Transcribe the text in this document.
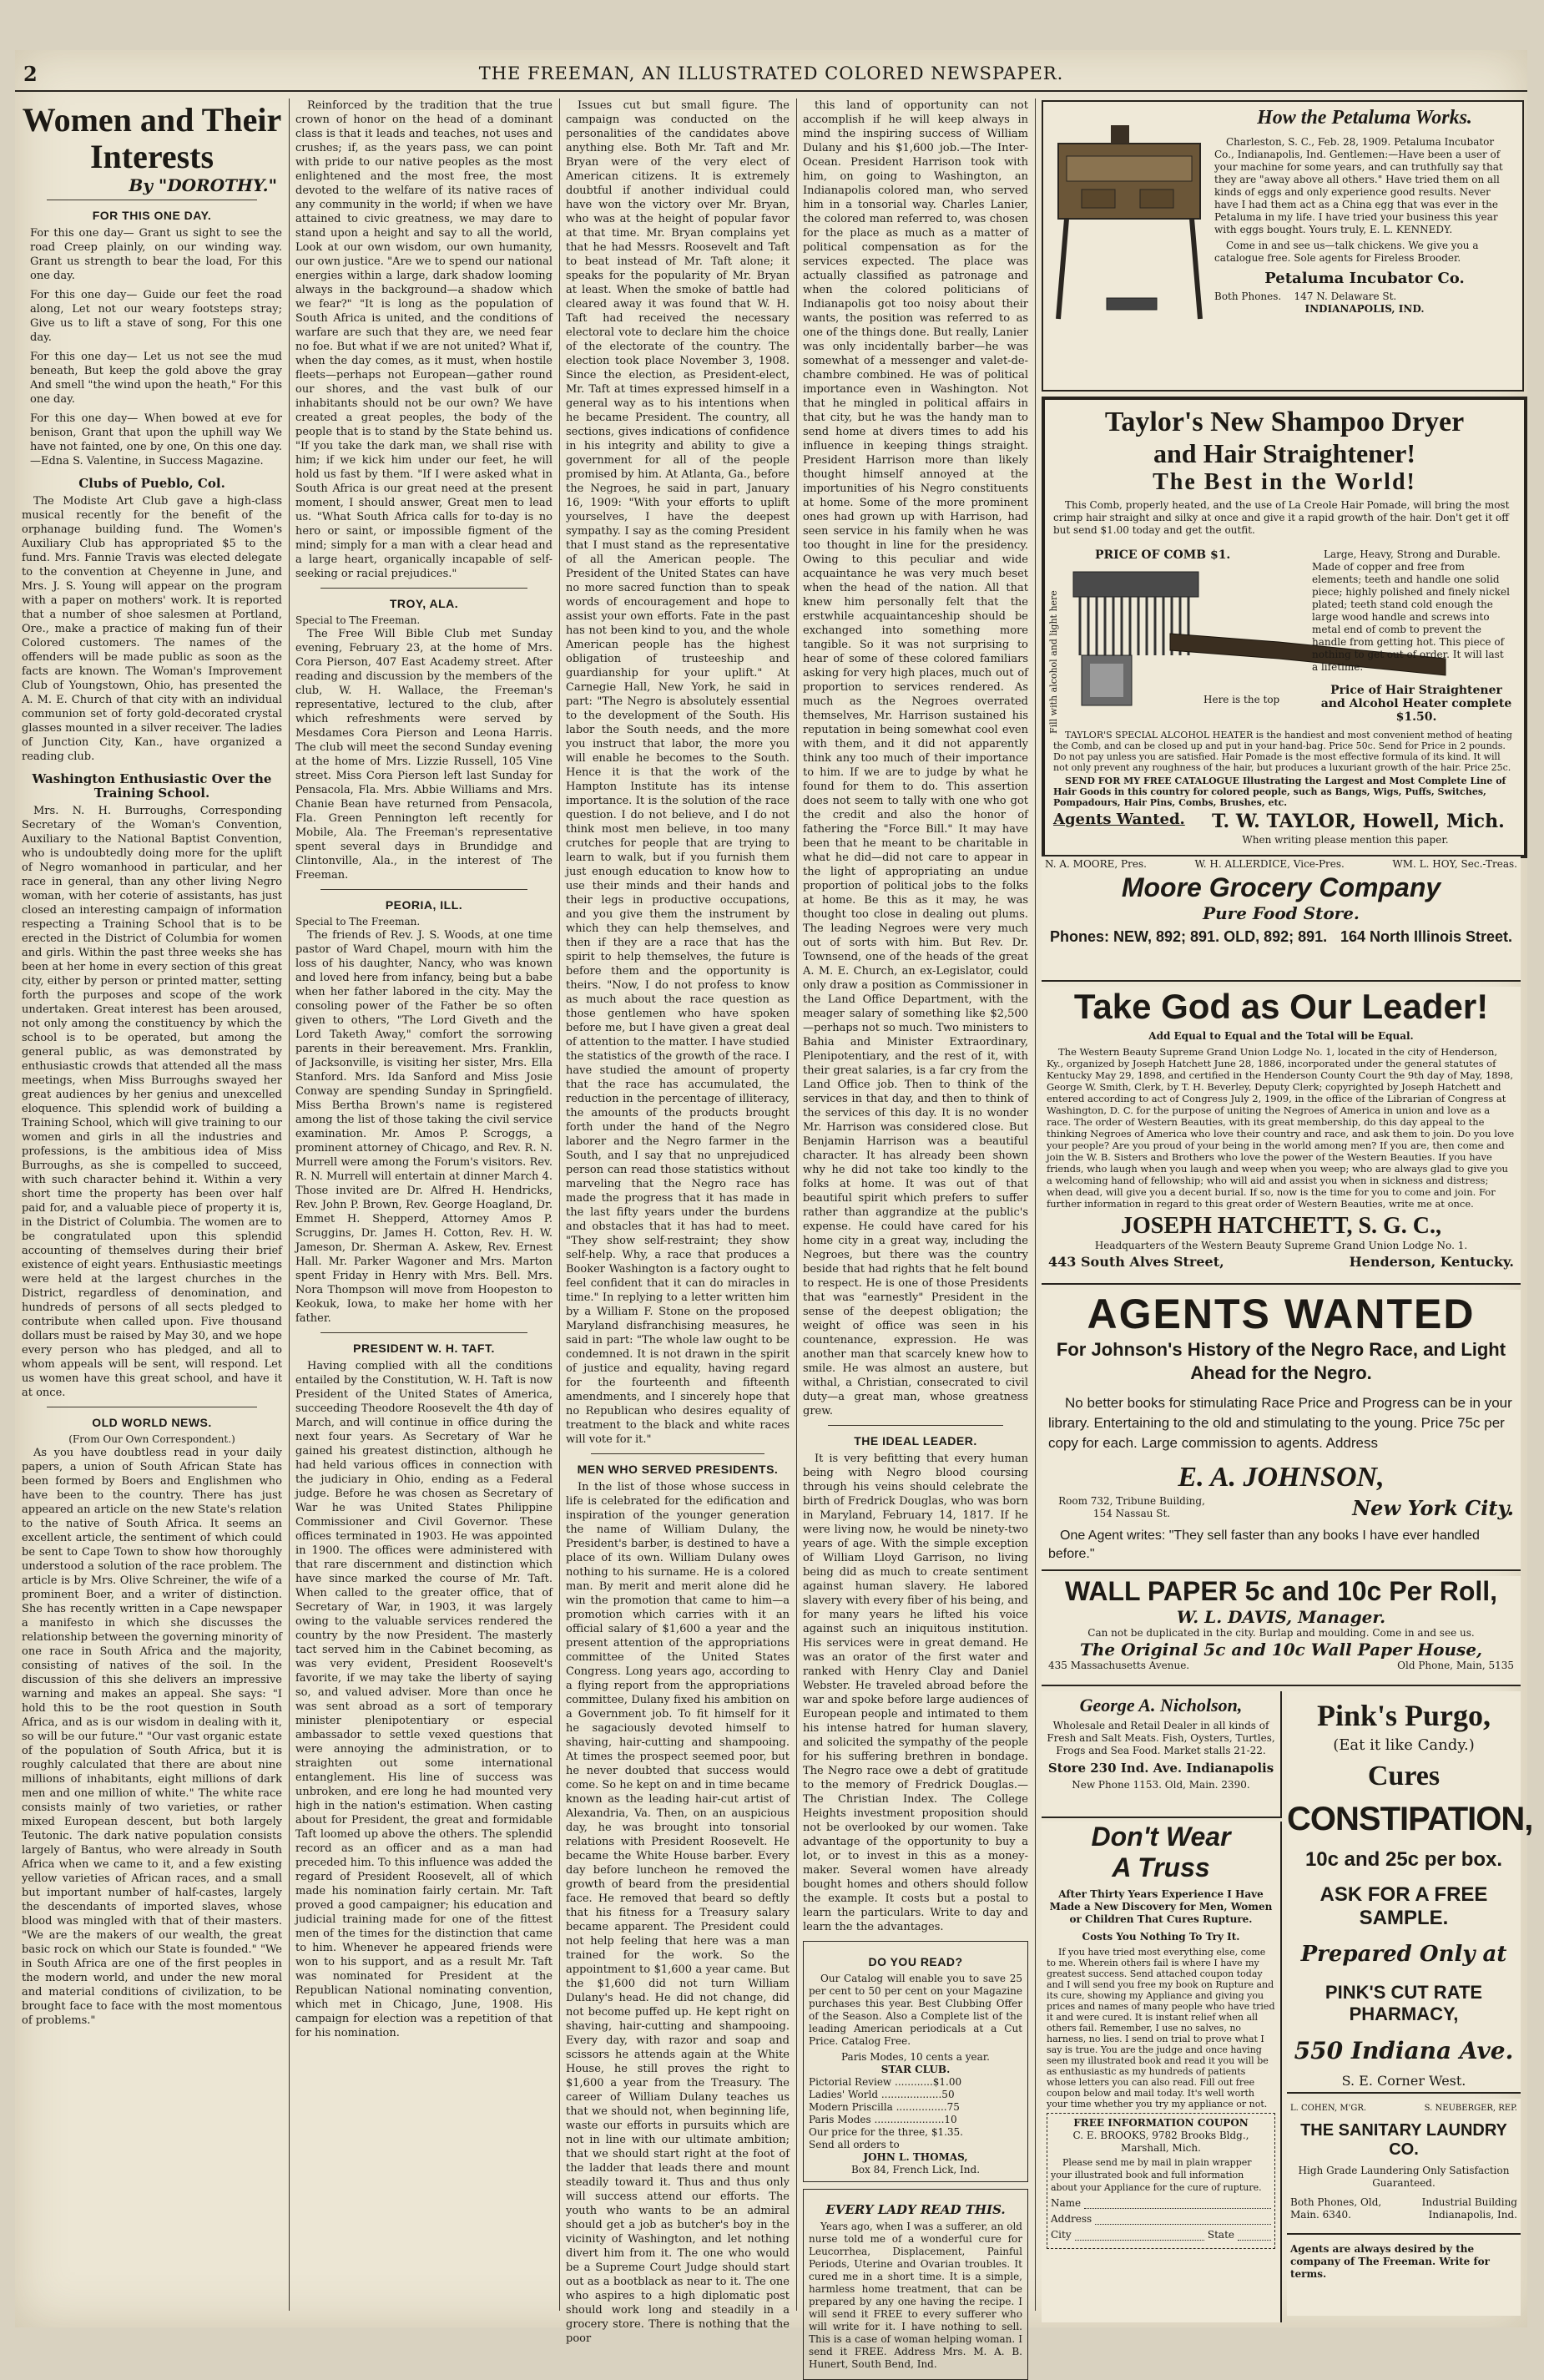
2	THE FREEMAN, AN ILLUSTRATED COLORED NEWSPAPER.
Women and Their Interests
By "DOROTHY."
FOR THIS ONE DAY.

For this one day— Grant us sight to see the road Creep plainly, on our winding way. Grant us strength to bear the load, For this one day.

For this one day— Guide our feet the road along, Let not our weary footsteps stray; Give us to lift a stave of song, For this one day.

For this one day— Let us not see the mud beneath, But keep the gold above the gray And smell "the wind upon the heath," For this one day.

For this one day— When bowed at eve for benison, Grant that upon the uphill way We have not fainted, one by one, On this one day. —Edna S. Valentine, in Success Magazine.

Clubs of Pueblo, Col.

The Modiste Art Club gave a high-class musical recently for the benefit of the orphanage building fund. The Women's Auxiliary Club has appropriated $5 to the fund. Mrs. Fannie Travis was elected delegate to the convention at Cheyenne in June, and Mrs. J. S. Young will appear on the program with a paper on mothers' work. It is reported that a number of shoe salesmen at Portland, Ore., make a practice of making fun of their Colored customers. The names of the offenders will be made public as soon as the facts are known. The Woman's Improvement Club of Youngstown, Ohio, has presented the A. M. E. Church of that city with an individual communion set of forty gold-decorated crystal glasses mounted in a silver receiver. The ladies of Junction City, Kan., have organized a reading club.

Washington Enthusiastic Over the Training School.

Mrs. N. H. Burroughs, Corresponding Secretary of the Woman's Convention, Auxiliary to the National Baptist Convention, who is undoubtedly doing more for the uplift of Negro womanhood in particular, and her race in general, than any other living Negro woman, with her coterie of assistants, has just closed an interesting campaign of information respecting a Training School that is to be erected in the District of Columbia for women and girls. Within the past three weeks she has been at her home in every section of this great city, either by person or printed matter, setting forth the purposes and scope of the work undertaken. Great interest has been aroused, not only among the constituency by which the school is to be operated, but among the general public, as was demonstrated by enthusiastic crowds that attended all the mass meetings, when Miss Burroughs swayed her great audiences by her genius and unexcelled eloquence. This splendid work of building a Training School, which will give training to our women and girls in all the industries and professions, is the ambitious idea of Miss Burroughs, as she is compelled to succeed, with such character behind it. Within a very short time the property has been over half paid for, and a valuable piece of property it is, in the District of Columbia. The women are to be congratulated upon this splendid accounting of themselves during their brief existence of eight years. Enthusiastic meetings were held at the largest churches in the District, regardless of denomination, and hundreds of persons of all sects pledged to contribute when called upon. Five thousand dollars must be raised by May 30, and we hope every person who has pledged, and all to whom appeals will be sent, will respond. Let us women have this great school, and have it at once.

OLD WORLD NEWS.
(From Our Own Correspondent.)

As you have doubtless read in your daily papers, a union of South African State has been formed by Boers and Englishmen who have been to the country. There has just appeared an article on the new State's relation to the native of South Africa. It seems an excellent article, the sentiment of which could be sent to Cape Town to show how thoroughly understood a solution of the race problem. The article is by Mrs. Olive Schreiner, the wife of a prominent Boer, and a writer of distinction. She has recently written in a Cape newspaper a manifesto in which she discusses the relationship between the governing minority of one race in South Africa and the majority, consisting of natives of the soil. In the discussion of this she delivers an impressive warning and makes an appeal. She says: "I hold this to be the root question in South Africa, and as is our wisdom in dealing with it, so will be our future." "Our vast organic estate of the population of South Africa, but it is roughly calculated that there are about nine millions of inhabitants, eight millions of dark men and one million of white." The white race consists mainly of two varieties, or rather mixed European descent, but both largely Teutonic. The dark native population consists largely of Bantus, who were already in South Africa when we came to it, and a few existing yellow varieties of African races, and a small but important number of half-castes, largely the descendants of imported slaves, whose blood was mingled with that of their masters. "We are the makers of our wealth, the great basic rock on which our State is founded." "We in South Africa are one of the first peoples in the modern world, and under the new moral and material conditions of civilization, to be brought face to face with the most momentous of problems."

Reinforced by the tradition that the true crown of honor on the head of a dominant class is that it leads and teaches, not uses and crushes; if, as the years pass, we can point with pride to our native peoples as the most enlightened and the most free, the most devoted to the welfare of its native races of any community in the world; if when we have attained to civic greatness, we may dare to stand upon a height and say to all the world, Look at our own wisdom, our own humanity, our own justice. "Are we to spend our national energies within a large, dark shadow looming always in the background—a shadow which we fear?" "It is long as the population of South Africa is united, and the conditions of warfare are such that they are, we need fear no foe. But what if we are not united? What if, when the day comes, as it must, when hostile fleets—perhaps not European—gather round our shores, and the vast bulk of our inhabitants should not be our own? We have created a great peoples, the body of the people that is to stand by the State behind us. "If you take the dark man, we shall rise with him; if we kick him under our feet, he will hold us fast by them. "If I were asked what in South Africa is our great need at the present moment, I should answer, Great men to lead us. "What South Africa calls for to-day is no hero or saint, or impossible figment of the mind; simply for a man with a clear head and a large heart, organically incapable of self-seeking or racial prejudices."

TROY, ALA.
Special to The Freeman.

The Free Will Bible Club met Sunday evening, February 23, at the home of Mrs. Cora Pierson, 407 East Academy street. After reading and discussion by the members of the club, W. H. Wallace, the Freeman's representative, lectured to the club, after which refreshments were served by Mesdames Cora Pierson and Leona Harris. The club will meet the second Sunday evening at the home of Mrs. Lizzie Russell, 105 Vine street. Miss Cora Pierson left last Sunday for Pensacola, Fla. Mrs. Abbie Williams and Mrs. Chanie Bean have returned from Pensacola, Fla. Green Pennington left recently for Mobile, Ala. The Freeman's representative spent several days in Brundidge and Clintonville, Ala., in the interest of The Freeman.

PEORIA, ILL.
Special to The Freeman.

The friends of Rev. J. S. Woods, at one time pastor of Ward Chapel, mourn with him the loss of his daughter, Nancy, who was known and loved here from infancy, being but a babe when her father labored in the city. May the consoling power of the Father be so often given to others, "The Lord Giveth and the Lord Taketh Away," comfort the sorrowing parents in their bereavement. Mrs. Franklin, of Jacksonville, is visiting her sister, Mrs. Ella Stanford. Mrs. Ida Sanford and Miss Josie Conway are spending Sunday in Springfield. Miss Bertha Brown's name is registered among the list of those taking the civil service examination. Mr. Amos P. Scroggs, a prominent attorney of Chicago, and Rev. R. N. Murrell were among the Forum's visitors. Rev. R. N. Murrell will entertain at dinner March 4. Those invited are Dr. Alfred H. Hendricks, Rev. John P. Brown, Rev. George Hoagland, Dr. Emmet H. Shepperd, Attorney Amos P. Scruggins, Dr. James H. Cotton, Rev. H. W. Jameson, Dr. Sherman A. Askew, Rev. Ernest Hall. Mr. Parker Wagoner and Mrs. Marton spent Friday in Henry with Mrs. Bell. Mrs. Nora Thompson will move from Hoopeston to Keokuk, Iowa, to make her home with her father.

PRESIDENT W. H. TAFT.

Having complied with all the conditions entailed by the Constitution, W. H. Taft is now President of the United States of America, succeeding Theodore Roosevelt the 4th day of March, and will continue in office during the next four years. As Secretary of War he gained his greatest distinction, although he had held various offices in connection with the judiciary in Ohio, ending as a Federal judge. Before he was chosen as Secretary of War he was United States Philippine Commissioner and Civil Governor. These offices terminated in 1903. He was appointed in 1900. The offices were administered with that rare discernment and distinction which have since marked the course of Mr. Taft. When called to the greater office, that of Secretary of War, in 1903, it was largely owing to the valuable services rendered the country by the now President. The masterly tact served him in the Cabinet becoming, as was very evident, President Roosevelt's favorite, if we may take the liberty of saying so, and valued adviser. More than once he was sent abroad as a sort of temporary minister plenipotentiary or especial ambassador to settle vexed questions that were annoying the administration, or to straighten out some international entanglement. His line of success was unbroken, and ere long he had mounted very high in the nation's estimation. When casting about for President, the great and formidable Taft loomed up above the others. The splendid record as an officer and as a man had preceded him. To this influence was added the regard of President Roosevelt, all of which made his nomination fairly certain. Mr. Taft proved a good campaigner; his education and judicial training made for one of the fittest men of the times for the distinction that came to him. Whenever he appeared friends were won to his support, and as a result Mr. Taft was nominated for President at the Republican National nominating convention, which met in Chicago, June, 1908. His campaign for election was a repetition of that for his nomination.

Issues cut but small figure. The campaign was conducted on the personalities of the candidates above anything else. Both Mr. Taft and Mr. Bryan were of the very elect of American citizens. It is extremely doubtful if another individual could have won the victory over Mr. Bryan, who was at the height of popular favor at that time. Mr. Bryan complains yet that he had Messrs. Roosevelt and Taft to beat instead of Mr. Taft alone; it speaks for the popularity of Mr. Bryan at least. When the smoke of battle had cleared away it was found that W. H. Taft had received the necessary electoral vote to declare him the choice of the electorate of the country. The election took place November 3, 1908. Since the election, as President-elect, Mr. Taft at times expressed himself in a general way as to his intentions when he became President. The country, all sections, gives indications of confidence in his integrity and ability to give a government for all of the people promised by him. At Atlanta, Ga., before the Negroes, he said in part, January 16, 1909: "With your efforts to uplift yourselves, I have the deepest sympathy. I say as the coming President that I must stand as the representative of all the American people. The President of the United States can have no more sacred function than to speak words of encouragement and hope to assist your own efforts. Fate in the past has not been kind to you, and the whole American people has the highest obligation of trusteeship and guardianship for your uplift." At Carnegie Hall, New York, he said in part: "The Negro is absolutely essential to the development of the South. His labor the South needs, and the more you instruct that labor, the more you will enable he becomes to the South. Hence it is that the work of the Hampton Institute has its intense importance. It is the solution of the race question. I do not believe, and I do not think most men believe, in too many crutches for people that are trying to learn to walk, but if you furnish them just enough education to know how to use their minds and their hands and their legs in productive occupations, and you give them the instrument by which they can help themselves, and then if they are a race that has the spirit to help themselves, the future is before them and the opportunity is theirs. "Now, I do not profess to know as much about the race question as those gentlemen who have spoken before me, but I have given a great deal of attention to the matter. I have studied the statistics of the growth of the race. I have studied the amount of property that the race has accumulated, the reduction in the percentage of illiteracy, the amounts of the products brought forth under the hand of the Negro laborer and the Negro farmer in the South, and I say that no unprejudiced person can read those statistics without marveling that the Negro race has made the progress that it has made in the last fifty years under the burdens and obstacles that it has had to meet. "They show self-restraint; they show self-help. Why, a race that produces a Booker Washington is a factory ought to feel confident that it can do miracles in time." In replying to a letter written him by a William F. Stone on the proposed Maryland disfranchising measures, he said in part: "The whole law ought to be condemned. It is not drawn in the spirit of justice and equality, having regard for the fourteenth and fifteenth amendments, and I sincerely hope that no Republican who desires equality of treatment to the black and white races will vote for it."

MEN WHO SERVED PRESIDENTS.

In the list of those whose success in life is celebrated for the edification and inspiration of the younger generation the name of William Dulany, the President's barber, is destined to have a place of its own. William Dulany owes nothing to his surname. He is a colored man. By merit and merit alone did he win the promotion that came to him—a promotion which carries with it an official salary of $1,600 a year and the present attention of the appropriations committee of the United States Congress. Long years ago, according to a flying report from the appropriations committee, Dulany fixed his ambition on a Government job. To fit himself for it he sagaciously devoted himself to shaving, hair-cutting and shampooing. At times the prospect seemed poor, but he never doubted that success would come. So he kept on and in time became known as the leading hair-cut artist of Alexandria, Va. Then, on an auspicious day, he was brought into tonsorial relations with President Roosevelt. He became the White House barber. Every day before luncheon he removed the growth of beard from the presidential face. He removed that beard so deftly that his fitness for a Treasury salary became apparent. The President could not help feeling that here was a man trained for the work. So the appointment to $1,600 a year came. But the $1,600 did not turn William Dulany's head. He did not change, did not become puffed up. He kept right on shaving, hair-cutting and shampooing. Every day, with razor and soap and scissors he attends again at the White House, he still proves the right to $1,600 a year from the Treasury. The career of William Dulany teaches us that we should not, when beginning life, waste our efforts in pursuits which are not in line with our ultimate ambition; that we should start right at the foot of the ladder that leads there and mount steadily toward it. Thus and thus only will success attend our efforts. The youth who wants to be an admiral should get a job as butcher's boy in the vicinity of Washington, and let nothing divert him from it. The one who would be a Supreme Court Judge should start out as a bootblack as near to it. The one who aspires to a high diplomatic post should work long and steadily in a grocery store. There is nothing that the poor

this land of opportunity can not accomplish if he will keep always in mind the inspiring success of William Dulany and his $1,600 job.—The Inter-Ocean. President Harrison took with him, on going to Washington, an Indianapolis colored man, who served him in a tonsorial way. Charles Lanier, the colored man referred to, was chosen for the place as much as a matter of political compensation as for the services expected. The place was actually classified as patronage and when the colored politicians of Indianapolis got too noisy about their wants, the position was referred to as one of the things done. But really, Lanier was only incidentally barber—he was somewhat of a messenger and valet-de-chambre combined. He was of political importance even in Washington. Not that he mingled in political affairs in that city, but he was the handy man to send home at divers times to add his influence in keeping things straight. President Harrison more than likely thought himself annoyed at the importunities of his Negro constituents at home. Some of the more prominent ones had grown up with Harrison, had seen service in his family when he was too thought in line for the presidency. Owing to this peculiar and wide acquaintance he was very much beset when the head of the nation. All that knew him personally felt that the erstwhile acquaintanceship should be exchanged into something more tangible. So it was not surprising to hear of some of these colored familiars asking for very high places, much out of proportion to services rendered. As much as the Negroes overrated themselves, Mr. Harrison sustained his reputation in being somewhat cool even with them, and it did not apparently think any too much of their importance to him. If we are to judge by what he found for them to do. This assertion does not seem to tally with one who got the credit and also the honor of fathering the "Force Bill." It may have been that he meant to be charitable in what he did—did not care to appear in the light of appropriating an undue proportion of political jobs to the folks at home. Be this as it may, he was thought too close in dealing out plums. The leading Negroes were very much out of sorts with him. But Rev. Dr. Townsend, one of the heads of the great A. M. E. Church, an ex-Legislator, could only draw a position as Commissioner in the Land Office Department, with the meager salary of something like $2,500—perhaps not so much. Two ministers to Bahia and Minister Extraordinary, Plenipotentiary, and the rest of it, with their great salaries, is a far cry from the Land Office job. Then to think of the services in that day, and then to think of the services of this day. It is no wonder Mr. Harrison was considered close. But Benjamin Harrison was a beautiful character. It has already been shown why he did not take too kindly to the folks at home. It was out of that beautiful spirit which prefers to suffer rather than aggrandize at the public's expense. He could have cared for his home city in a great way, including the Negroes, but there was the country beside that had rights that he felt bound to respect. He is one of those Presidents that was "earnestly" President in the sense of the deepest obligation; the weight of office was seen in his countenance, expression. He was another man that scarcely knew how to smile. He was almost an austere, but withal, a Christian, consecrated to civil duty—a great man, whose greatness grew.

THE IDEAL LEADER.

It is very befitting that every human being with Negro blood coursing through his veins should celebrate the birth of Fredrick Douglas, who was born in Maryland, February 14, 1817. If he were living now, he would be ninety-two years of age. With the simple exception of William Lloyd Garrison, no living being did as much to create sentiment against human slavery. He labored slavery with every fiber of his being, and for many years he lifted his voice against such an iniquitous institution. His services were in great demand. He was an orator of the first water and ranked with Henry Clay and Daniel Webster. He traveled abroad before the war and spoke before large audiences of European people and intimated to them his intense hatred for human slavery, and solicited the sympathy of the people for his suffering brethren in bondage. The Negro race owe a debt of gratitude to the memory of Fredrick Douglas.—The Christian Index. The College Heights investment proposition should not be overlooked by our women. Take advantage of the opportunity to buy a lot, or to invest in this as a money-maker. Several women have already bought homes and others should follow the example. It costs but a postal to learn the particulars. Write to day and learn the the advantages.

DO YOU READ?

Our Catalog will enable you to save 25 per cent to 50 per cent on your Magazine purchases this year. Best Clubbing Offer of the Season. Also a Complete list of the leading American periodicals at a Cut Price. Catalog Free.

Paris Modes, 10 cents a year.
STAR CLUB.
Pictorial Review ............$1.00
Ladies' World ...................50
Modern Priscilla ................75
Paris Modes ......................10
Our price for the three, $1.35.
Send all orders to
JOHN L. THOMAS,
Box 84, French Lick, Ind.
EVERY LADY READ THIS.

Years ago, when I was a sufferer, an old nurse told me of a wonderful cure for Leucorrhea, Displacement, Painful Periods, Uterine and Ovarian troubles. It cured me in a short time. It is a simple, harmless home treatment, that can be prepared by any one having the recipe. I will send it FREE to every sufferer who will write for it. I have nothing to sell. This is a case of woman helping woman. I send it FREE. Address Mrs. M. A. B. Hunert, South Bend, Ind.

How the Petaluma Works.

Charleston, S. C., Feb. 28, 1909. Petaluma Incubator Co., Indianapolis, Ind. Gentlemen:—Have been a user of your machine for some years, and can truthfully say that they are "away above all others." Have tried them on all kinds of eggs and only experience good results. Never have I had them act as a China egg that was ever in the Petaluma in my life. I have tried your business this year with eggs bought. Yours truly, E. L. KENNEDY.

Come in and see us—talk chickens. We give you a catalogue free. Sole agents for Fireless Brooder.

Petaluma Incubator Co.
Both Phones. 147 N. Delaware St.
INDIANAPOLIS, IND.
Taylor's New Shampoo Dryer
and Hair Straightener!
The Best in the World!

This Comb, properly heated, and the use of La Creole Hair Pomade, will bring the most crimp hair straight and silky at once and give it a rapid growth of the hair. Don't get it off but send $1.00 today and get the outfit.

PRICE OF COMB $1.
Fill with alcohol and light here

Large, Heavy, Strong and Durable. Made of copper and free from elements; teeth and handle one solid piece; highly polished and finely nickel plated; teeth stand cold enough the large wood handle and screws into metal end of comb to prevent the handle from getting hot. This piece of nothing to get out of order. It will last a lifetime.

Here is the top
Price of Hair Straightener and Alcohol Heater complete $1.50.

TAYLOR'S SPECIAL ALCOHOL HEATER is the handiest and most convenient method of heating the Comb, and can be closed up and put in your hand-bag. Price 50c. Send for Price in 2 pounds. Do not pay unless you are satisfied. Hair Pomade is the most effective formula of its kind. It will not only prevent any roughness of the hair, but produces a luxuriant growth of the hair. Price 25c.

SEND FOR MY FREE CATALOGUE Illustrating the Largest and Most Complete Line of Hair Goods in this country for colored people, such as Bangs, Wigs, Puffs, Switches, Pompadours, Hair Pins, Combs, Brushes, etc.

Agents Wanted. T. W. TAYLOR, Howell, Mich.
When writing please mention this paper.
N. A. MOORE, Pres.	W. H. ALLERDICE, Vice-Pres.	WM. L. HOY, Sec.-Treas.
Moore Grocery Company
Pure Food Store.
Phones: NEW, 892; 891. OLD, 892; 891. 164 North Illinois Street.
Take God as Our Leader!
Add Equal to Equal and the Total will be Equal.

The Western Beauty Supreme Grand Union Lodge No. 1, located in the city of Henderson, Ky., organized by Joseph Hatchett June 28, 1886, incorporated under the general statutes of Kentucky May 29, 1898, and certified in the Henderson County Court the 9th day of May, 1898, George W. Smith, Clerk, by T. H. Beverley, Deputy Clerk; copyrighted by Joseph Hatchett and entered according to act of Congress July 2, 1909, in the office of the Librarian of Congress at Washington, D. C. for the purpose of uniting the Negroes of America in union and love as a race. The order of Western Beauties, with its great membership, do this day appeal to the thinking Negroes of America who love their country and race, and ask them to join. Do you love your people? Are you proud of your being in the world among men? If you are, then come and join the W. B. Sisters and Brothers who love the power of the Western Beauties. If you have friends, who laugh when you laugh and weep when you weep; who are always glad to give you a welcoming hand of fellowship; who will aid and assist you when in sickness and distress; when dead, will give you a decent burial. If so, now is the time for you to come and join. For further information in regard to this great order of Western Beauties, write me at once.

JOSEPH HATCHETT, S. G. C.,
Headquarters of the Western Beauty Supreme Grand Union Lodge No. 1.
443 South Alves Street,	Henderson, Kentucky.
AGENTS WANTED
For Johnson's History of the Negro Race, and Light Ahead for the Negro.

No better books for stimulating Race Price and Progress can be in your library. Entertaining to the old and stimulating to the young. Price 75c per copy for each. Large commission to agents. Address

E. A. JOHNSON,
Room 732, Tribune Building, 154 Nassau St.	New York City.

One Agent writes: "They sell faster than any books I have ever handled before."

WALL PAPER 5c and 10c Per Roll,
W. L. DAVIS, Manager.
Can not be duplicated in the city. Burlap and moulding. Come in and see us.
The Original 5c and 10c Wall Paper House,
435 Massachusetts Avenue.	Old Phone, Main, 5135
George A. Nicholson,

Wholesale and Retail Dealer in all kinds of Fresh and Salt Meats. Fish, Oysters, Turtles, Frogs and Sea Food. Market stalls 21-22.

Store 230 Ind. Ave. Indianapolis
New Phone 1153. Old, Main. 2390.
Don't Wear
A Truss

After Thirty Years Experience I Have Made a New Discovery for Men, Women or Children That Cures Rupture.

Costs You Nothing To Try It.

If you have tried most everything else, come to me. Wherein others fail is where I have my greatest success. Send attached coupon today and I will send you free my book on Rupture and its cure, showing my Appliance and giving you prices and names of many people who have tried it and were cured. It is instant relief when all others fail. Remember, I use no salves, no harness, no lies. I send on trial to prove what I say is true. You are the judge and once having seen my illustrated book and read it you will be as enthusiastic as my hundreds of patients whose letters you can also read. Fill out free coupon below and mail today. It's well worth your time whether you try my appliance or not.

FREE INFORMATION COUPON
C. E. BROOKS, 9782 Brooks Bldg., Marshall, Mich.

Please send me by mail in plain wrapper your illustrated book and full information about your Appliance for the cure of rupture.

Name
Address
City	State
Pink's Purgo,
(Eat it like Candy.)
Cures
CONSTIPATION,
10c and 25c per box.
ASK FOR A FREE SAMPLE.
Prepared Only at
PINK'S CUT RATE PHARMACY,
550 Indiana Ave.
S. E. Corner West.
L. COHEN, M'GR.	S. NEUBERGER, REP.
THE SANITARY LAUNDRY CO.
High Grade Laundering Only Satisfaction Guaranteed.
Both Phones, Old, Main. 6340.
Industrial Building Indianapolis, Ind.
Agents are always desired by the company of The Freeman. Write for terms.
